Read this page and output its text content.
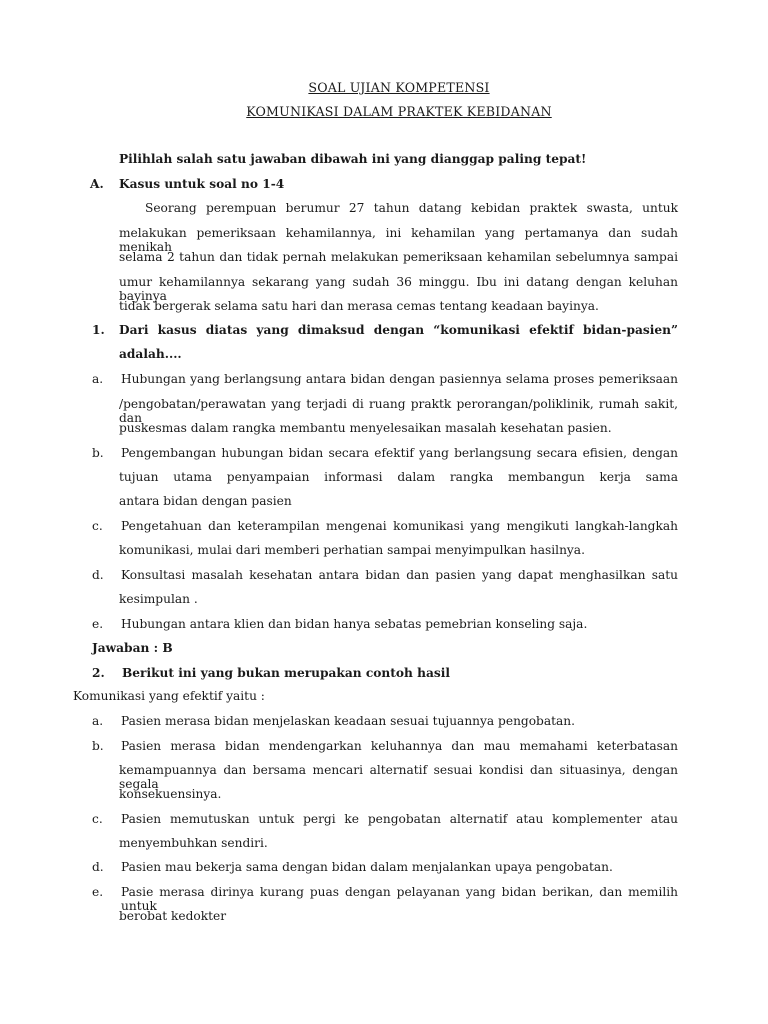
SOAL UJIAN KOMPETENSI
KOMUNIKASI DALAM PRAKTEK KEBIDANAN
Pilihlah salah satu jawaban dibawah ini yang dianggap paling tepat!
A. Kasus untuk soal no 1-4
Seorang perempuan berumur 27 tahun datang kebidan praktek swasta, untuk
melakukan pemeriksaan kehamilannya, ini kehamilan yang pertamanya dan sudah menikah
selama 2 tahun dan tidak pernah melakukan pemeriksaan kehamilan sebelumnya sampai
umur kehamilannya sekarang yang sudah 36 minggu. Ibu ini datang dengan keluhan bayinya
tidak bergerak selama satu hari dan merasa cemas tentang keadaan bayinya.
1. Dari kasus diatas yang dimaksud dengan “komunikasi efektif bidan-pasien”
adalah....
a. Hubungan yang berlangsung antara bidan dengan pasiennya selama proses pemeriksaan
/pengobatan/perawatan yang terjadi di ruang praktk perorangan/poliklinik, rumah sakit, dan
puskesmas dalam rangka membantu menyelesaikan masalah kesehatan pasien.
b. Pengembangan hubungan bidan secara efektif yang berlangsung secara efisien, dengan
tujuan utama penyampaian informasi dalam rangka membangun kerja sama
antara bidan dengan pasien
c. Pengetahuan dan keterampilan mengenai komunikasi yang mengikuti langkah-langkah
komunikasi, mulai dari memberi perhatian sampai menyimpulkan hasilnya.
d. Konsultasi masalah kesehatan antara bidan dan pasien yang dapat menghasilkan satu
kesimpulan .
e. Hubungan antara klien dan bidan hanya sebatas pemebrian konseling saja.
Jawaban : B
2. Berikut ini yang bukan merupakan contoh hasil
Komunikasi yang efektif yaitu :
a. Pasien merasa bidan menjelaskan keadaan sesuai tujuannya pengobatan.
b. Pasien merasa bidan mendengarkan keluhannya dan mau memahami keterbatasan
kemampuannya dan bersama mencari alternatif sesuai kondisi dan situasinya, dengan segala
konsekuensinya.
c. Pasien memutuskan untuk pergi ke pengobatan alternatif atau komplementer atau
menyembuhkan sendiri.
d. Pasien mau bekerja sama dengan bidan dalam menjalankan upaya pengobatan.
e. Pasie merasa dirinya kurang puas dengan pelayanan yang bidan berikan, dan memilih untuk
berobat kedokter
